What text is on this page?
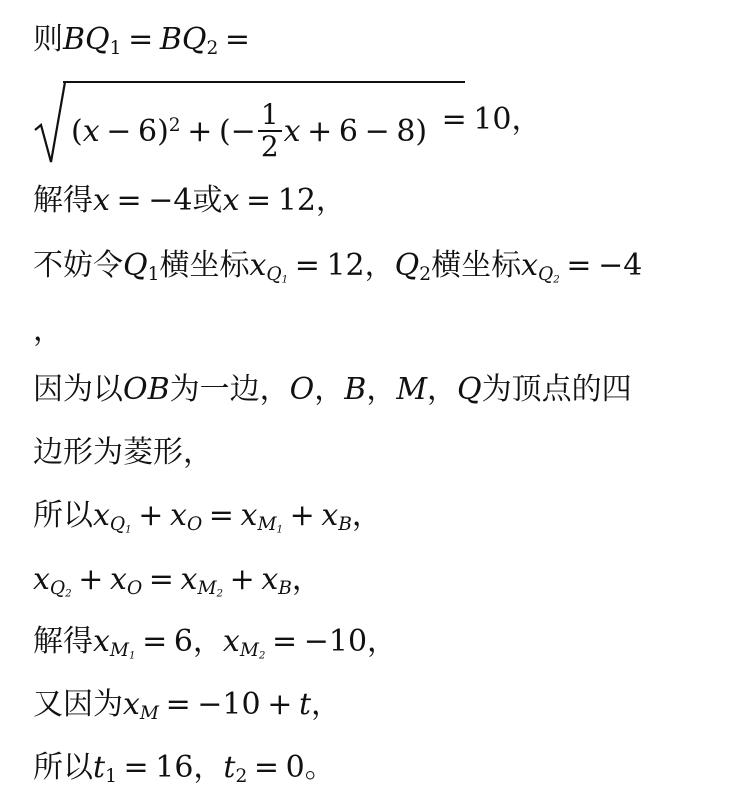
则$BQ_1 = BQ_2$ =
$(x - 6)^2$ + (− $\frac{1}{2}$ x + 6 − 8) = 10，
解得x = −4或x = 12，
不妨令$Q_1$横坐标$x_{Q1} = 12$，$Q_2$横坐标$x_{Q2} = -4$
，
因为以OB为一边，O，B，M，Q为顶点的四
边形为菱形，
所以$x_{Q1} + x_O = x_{M1} + x_B$，
$x_{Q2} + x_O = x_{M2} + x_B$，
解得$x_{M1} = 6$，$x_{M2} = -10$，
又因为$x_M = -10 + t$，
所以$t_1 = 16$，$t_2 = 0$。
